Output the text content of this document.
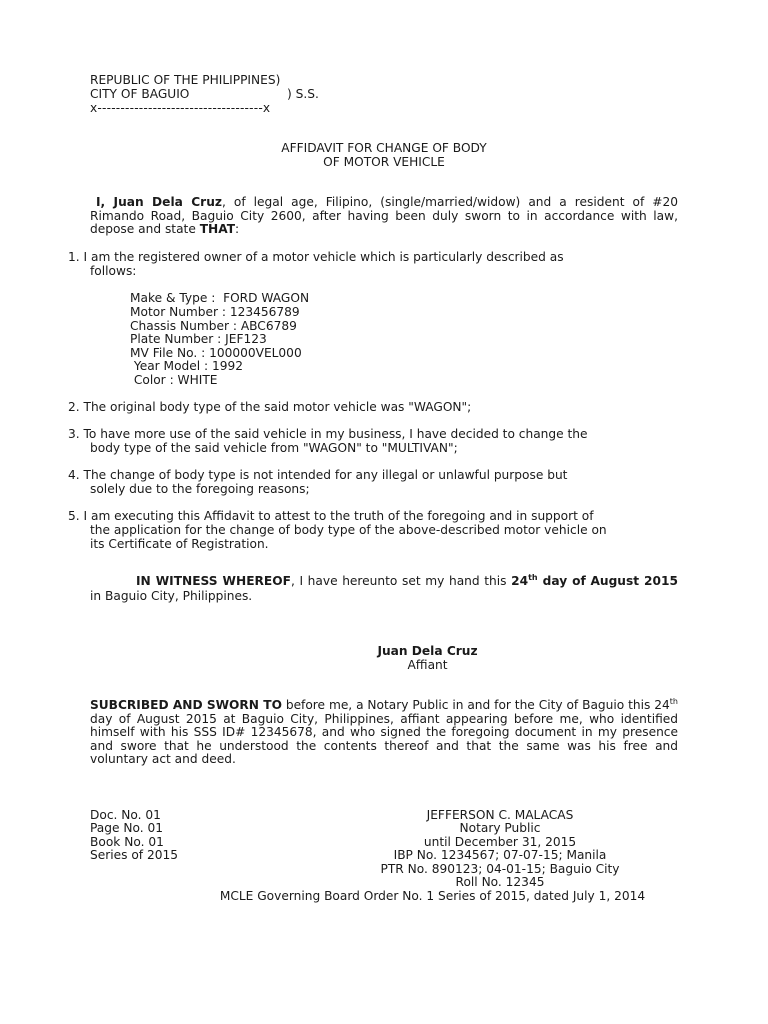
REPUBLIC OF THE PHILIPPINES)
CITY OF BAGUIO	) S.S.
x------------------------------------x
AFFIDAVIT FOR CHANGE OF BODY
OF MOTOR VEHICLE
I, Juan Dela Cruz, of legal age, Filipino, (single/married/widow) and a resident of #20 Rimando Road, Baguio City 2600, after having been duly sworn to in accordance with law, depose and state THAT:
1. I am the registered owner of a motor vehicle which is particularly described as
follows:
Make & Type :  FORD WAGON
Motor Number : 123456789
Chassis Number : ABC6789
Plate Number : JEF123
MV File No. : 100000VEL000
Year Model : 1992
Color : WHITE
2. The original body type of the said motor vehicle was "WAGON";
3. To have more use of the said vehicle in my business, I have decided to change the
body type of the said vehicle from "WAGON" to "MULTIVAN";
4. The change of body type is not intended for any illegal or unlawful purpose but
solely due to the foregoing reasons;
5. I am executing this Affidavit to attest to the truth of the foregoing and in support of
the application for the change of body type of the above-described motor vehicle on
its Certificate of Registration.
IN WITNESS WHEREOF, I have hereunto set my hand this 24th day of August 2015 in Baguio City, Philippines.
Juan Dela Cruz
Affiant
SUBCRIBED AND SWORN TO before me, a Notary Public in and for the City of Baguio this 24th day of August 2015 at Baguio City, Philippines, affiant appearing before me, who identified himself with his SSS ID# 12345678, and who signed the foregoing document in my presence and swore that he understood the contents thereof and that the same was his free and voluntary act and deed.
Doc. No. 01
Page No. 01
Book No. 01
Series of 2015
JEFFERSON C. MALACAS
Notary Public
until December 31, 2015
IBP No. 1234567; 07-07-15; Manila
PTR No. 890123; 04-01-15; Baguio City
Roll No. 12345
MCLE Governing Board Order No. 1 Series of 2015, dated July 1, 2014
